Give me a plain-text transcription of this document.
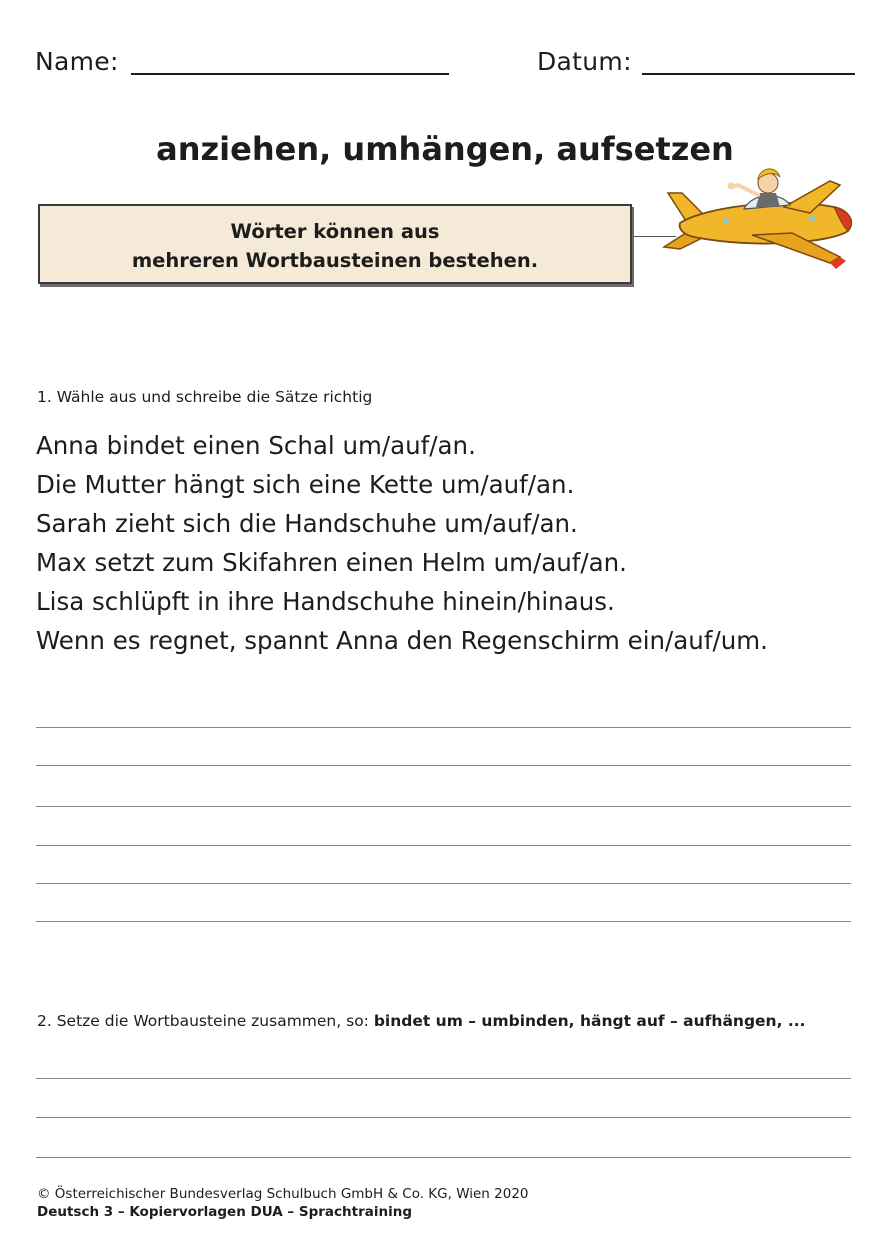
Name:	Datum:
anziehen, umhängen, aufsetzen
Wörter können aus
mehreren Wortbausteinen bestehen.
1. Wähle aus und schreibe die Sätze richtig
Anna bindet einen Schal um/auf/an.
Die Mutter hängt sich eine Kette um/auf/an.
Sarah zieht sich die Handschuhe um/auf/an.
Max setzt zum Skifahren einen Helm um/auf/an.
Lisa schlüpft in ihre Handschuhe hinein/hinaus.
Wenn es regnet, spannt Anna den Regenschirm ein/auf/um.
2. Setze die Wortbausteine zusammen, so: bindet um – umbinden, hängt auf – aufhängen, ...
© Österreichischer Bundesverlag Schulbuch GmbH & Co. KG, Wien 2020
Deutsch 3 – Kopiervorlagen DUA – Sprachtraining
